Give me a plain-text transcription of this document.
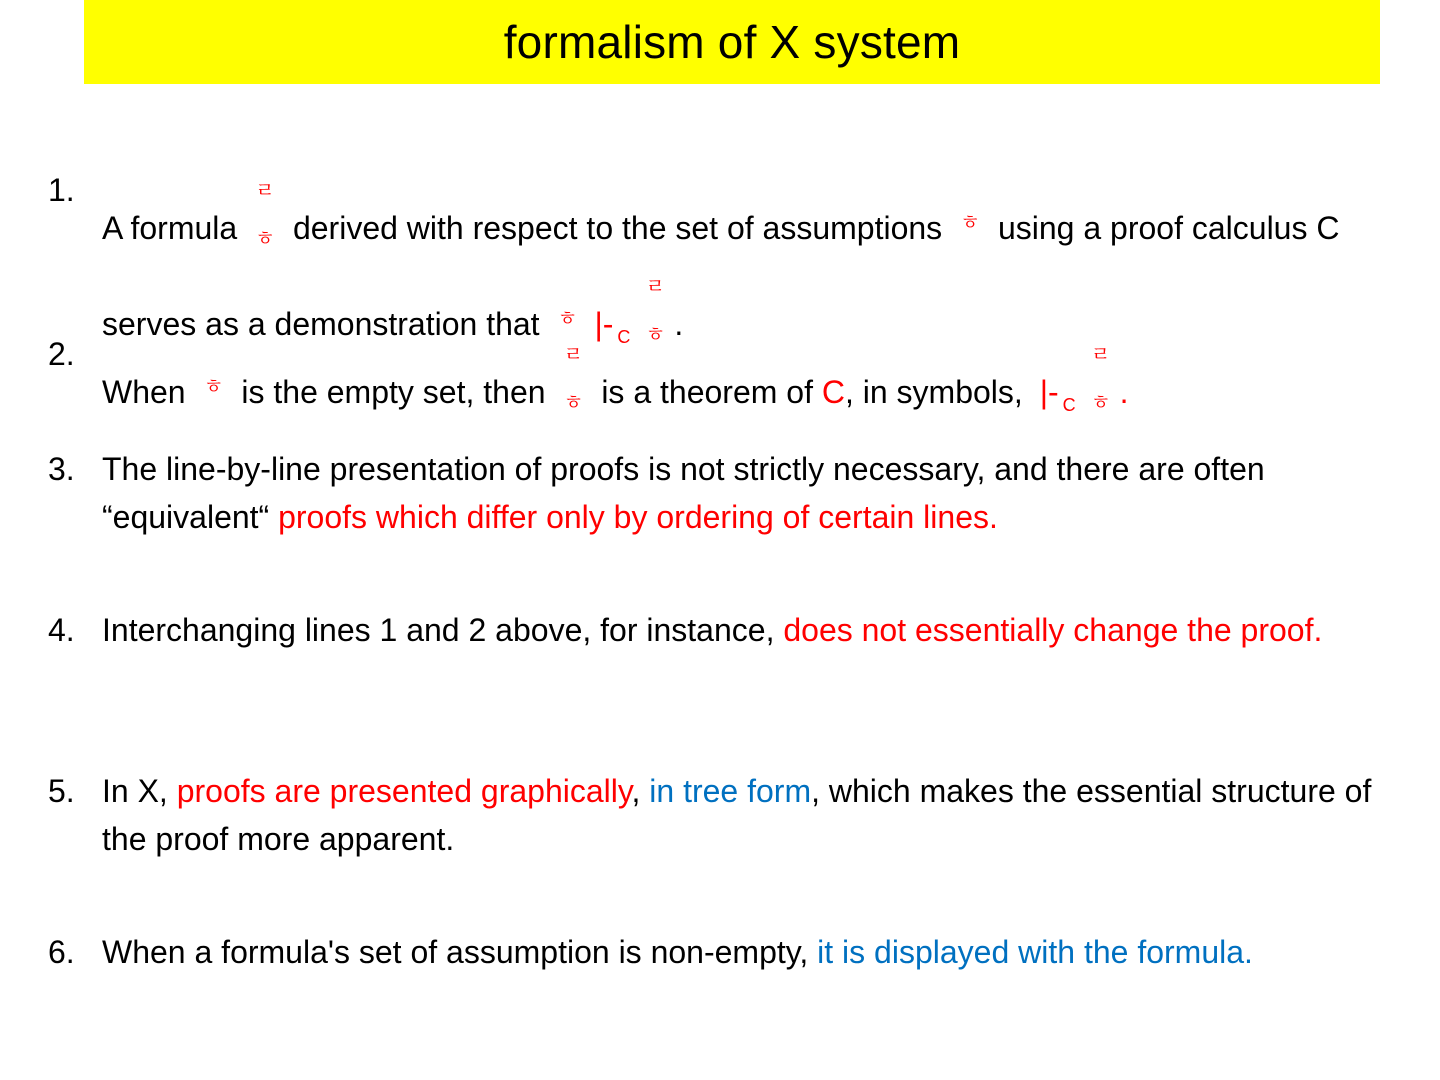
formalism of X system
1.
A formula ㄹㅎ derived with respect to the set of assumptions ㅎ using a proof calculus C serves as a demonstration that ㅎ |- $_C$ㄹㅎ .
2.
When ㅎ is the empty set, then ㄹㅎ is a theorem of C, in symbols, |- $_C$ㄹㅎ .
3. The line-by-line presentation of proofs is not strictly necessary, and there are often “equivalent“ proofs which differ only by ordering of certain lines.
4. Interchanging lines 1 and 2 above, for instance, does not essentially change the proof.
5. In X, proofs are presented graphically, in tree form, which makes the essential structure of the proof more apparent.
6. When a formula's set of assumption is non-empty, it is displayed with the formula.
